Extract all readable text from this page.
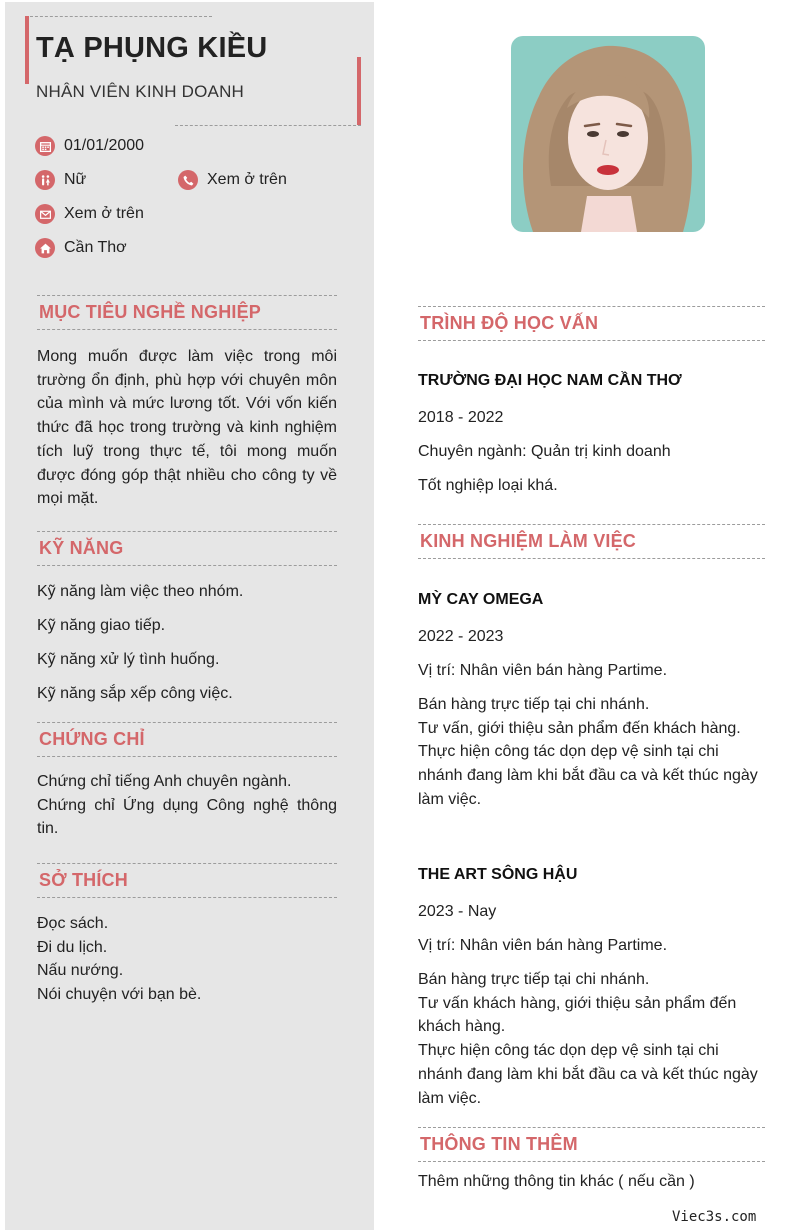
TẠ PHỤNG KIỀU
NHÂN VIÊN KINH DOANH
01/01/2000
Nữ	Xem ở trên
Xem ở trên
Cần Thơ
MỤC TIÊU NGHỀ NGHIỆP
Mong muốn được làm việc trong môi trường ổn định, phù hợp với chuyên môn của mình và mức lương tốt. Với vốn kiến thức đã học trong trường và kinh nghiệm tích luỹ trong thực tế, tôi mong muốn được đóng góp thật nhiều cho công ty về mọi mặt.
KỸ NĂNG
Kỹ năng làm việc theo nhóm.
Kỹ năng giao tiếp.
Kỹ năng xử lý tình huống.
Kỹ năng sắp xếp công việc.
CHỨNG CHỈ
Chứng chỉ tiếng Anh chuyên ngành.
Chứng chỉ Ứng dụng Công nghệ thông tin.
SỞ THÍCH
Đọc sách.
Đi du lịch.
Nấu nướng.
Nói chuyện với bạn bè.
TRÌNH ĐỘ HỌC VẤN
TRƯỜNG ĐẠI HỌC NAM CẦN THƠ
2018 - 2022
Chuyên ngành: Quản trị kinh doanh
Tốt nghiệp loại khá.
KINH NGHIỆM LÀM VIỆC
MỲ CAY OMEGA
2022 - 2023
Vị trí: Nhân viên bán hàng Partime.
Bán hàng trực tiếp tại chi nhánh.
Tư vấn, giới thiệu sản phẩm đến khách hàng.
Thực hiện công tác dọn dẹp vệ sinh tại chi nhánh đang làm khi bắt đầu ca và kết thúc ngày làm việc.
THE ART SÔNG HẬU
2023 - Nay
Vị trí: Nhân viên bán hàng Partime.
Bán hàng trực tiếp tại chi nhánh.
Tư vấn khách hàng, giới thiệu sản phẩm đến khách hàng.
Thực hiện công tác dọn dẹp vệ sinh tại chi nhánh đang làm khi bắt đầu ca và kết thúc ngày làm việc.
THÔNG TIN THÊM
Thêm những thông tin khác ( nếu cần )
Viec3s.com
